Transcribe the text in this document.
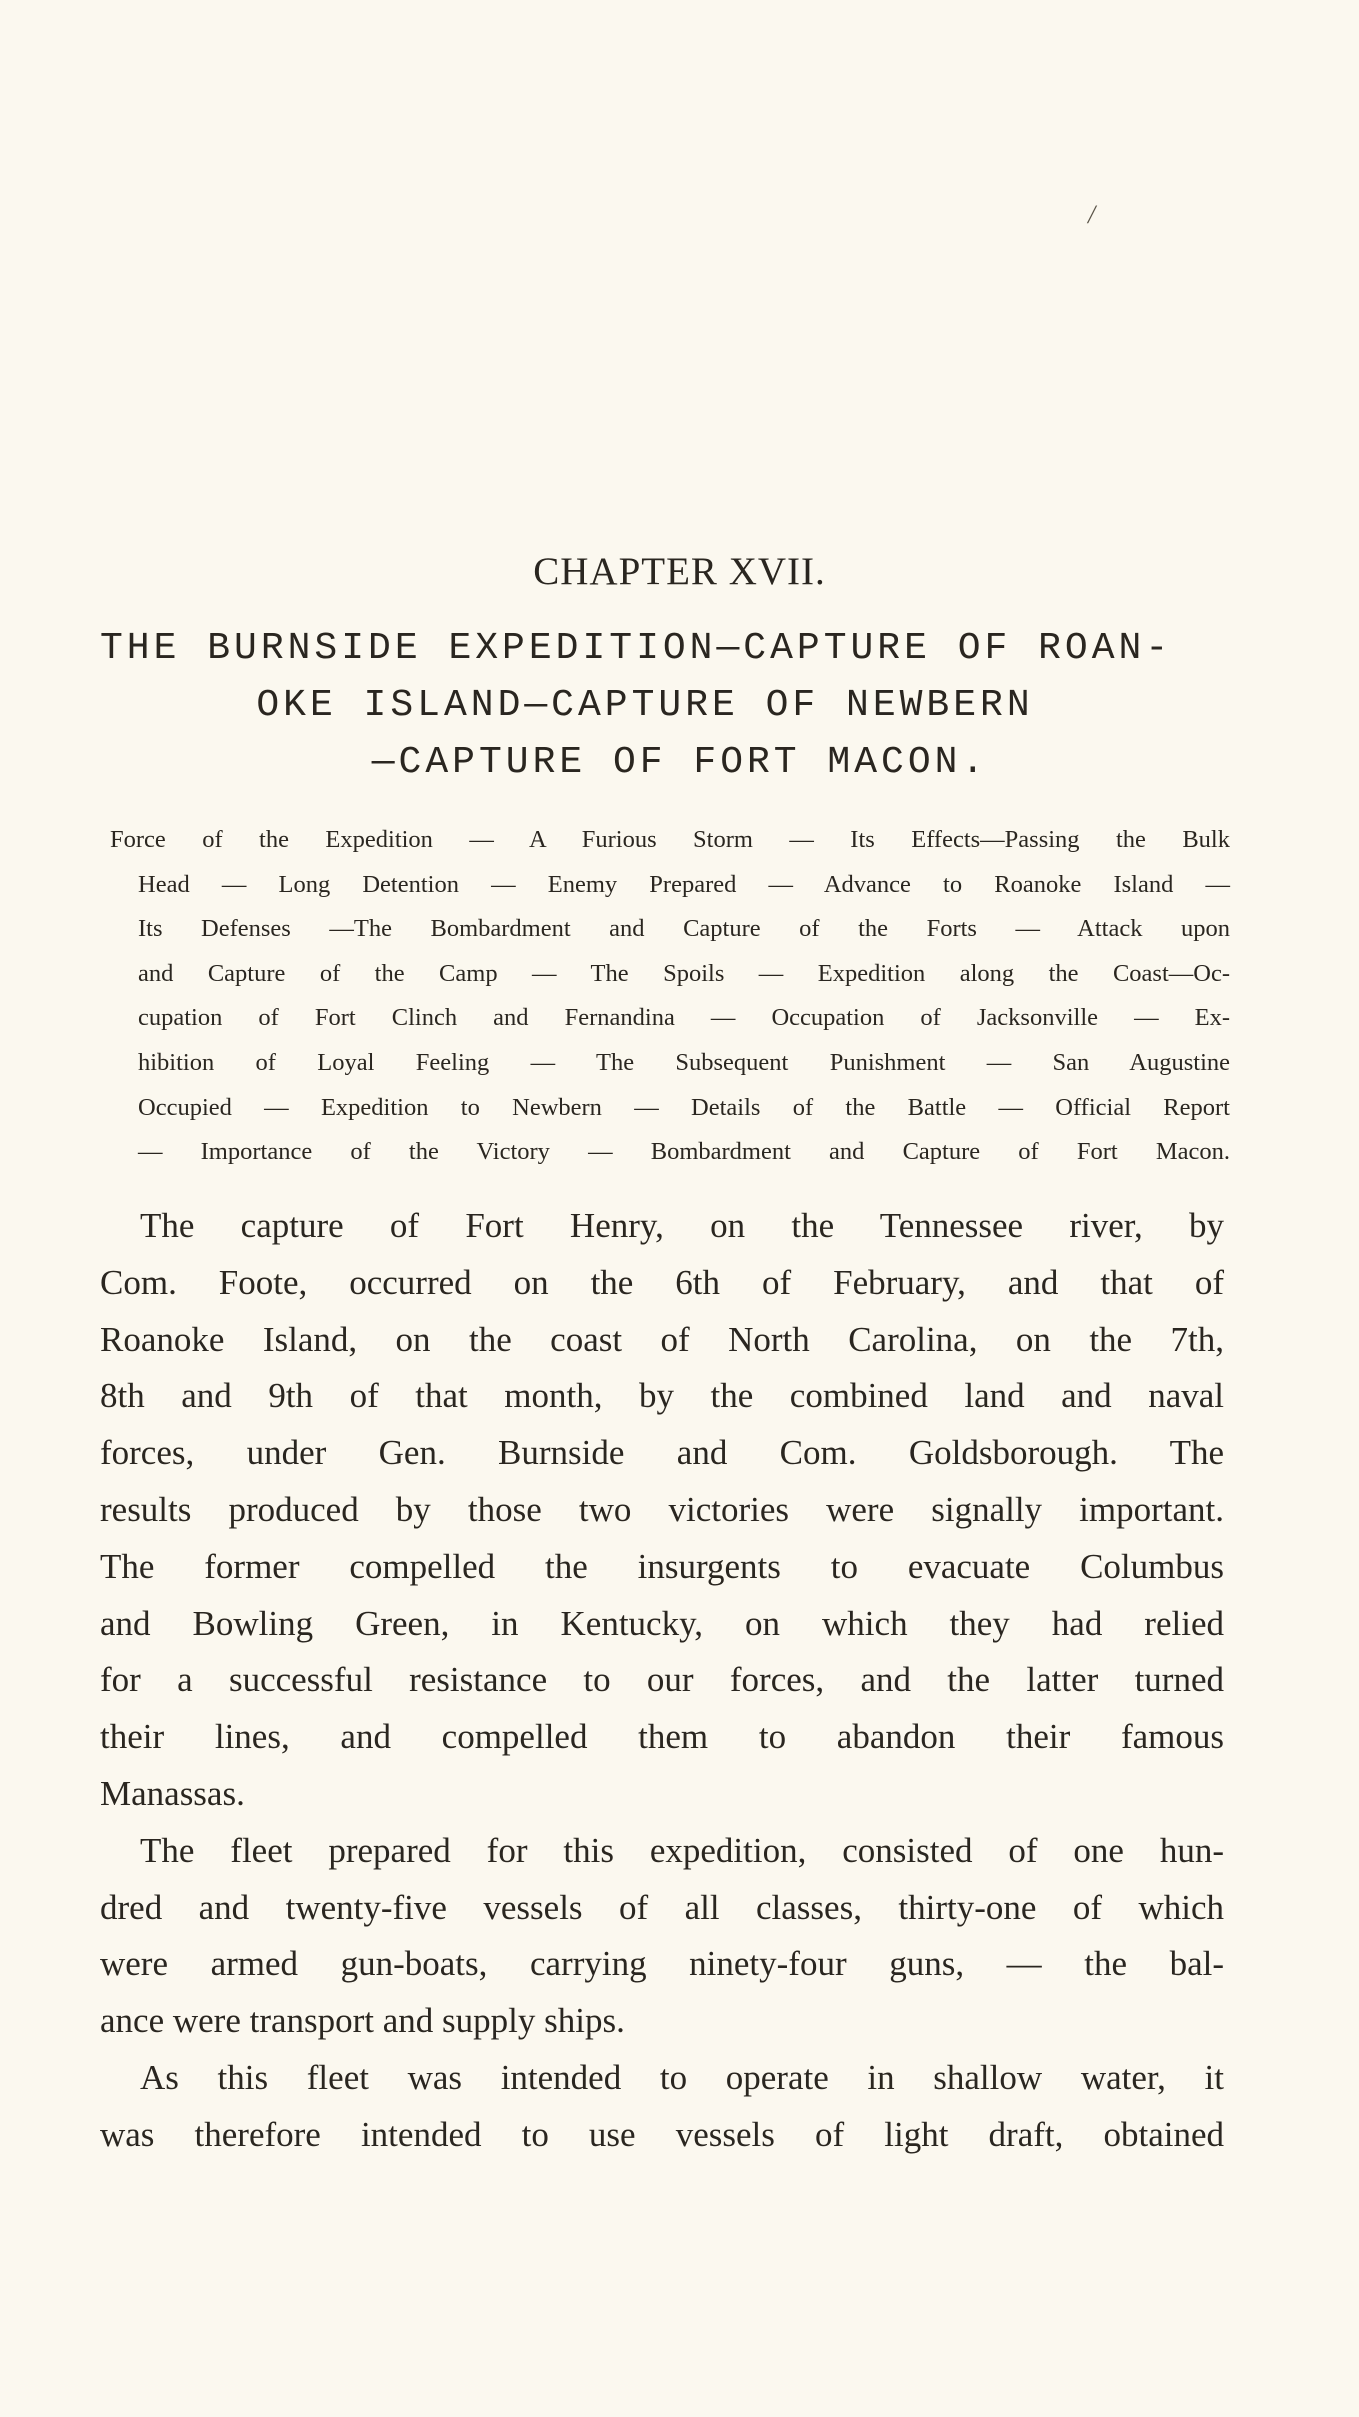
/
CHAPTER XVII.
THE BURNSIDE EXPEDITION—CAPTURE OF ROAN-
OKE ISLAND—CAPTURE OF NEWBERN
—CAPTURE OF FORT MACON.
Force of the Expedition — A Furious Storm — Its Effects—Passing the Bulk
Head — Long Detention — Enemy Prepared — Advance to Roanoke Island —
Its Defenses —The Bombardment and Capture of the Forts — Attack upon
and Capture of the Camp — The Spoils — Expedition along the Coast—Oc-
cupation of Fort Clinch and Fernandina — Occupation of Jacksonville — Ex-
hibition of Loyal Feeling — The Subsequent Punishment — San Augustine
Occupied — Expedition to Newbern — Details of the Battle — Official Report
— Importance of the Victory — Bombardment and Capture of Fort Macon.
The capture of Fort Henry, on the Tennessee river, by
Com. Foote, occurred on the 6th of February, and that of
Roanoke Island, on the coast of North Carolina, on the 7th,
8th and 9th of that month, by the combined land and naval
forces, under Gen. Burnside and Com. Goldsborough. The
results produced by those two victories were signally important.
The former compelled the insurgents to evacuate Columbus
and Bowling Green, in Kentucky, on which they had relied
for a successful resistance to our forces, and the latter turned
their lines, and compelled them to abandon their famous
Manassas.
The fleet prepared for this expedition, consisted of one hun-
dred and twenty-five vessels of all classes, thirty-one of which
were armed gun-boats, carrying ninety-four guns, — the bal-
ance were transport and supply ships.
As this fleet was intended to operate in shallow water, it
was therefore intended to use vessels of light draft, obtained
